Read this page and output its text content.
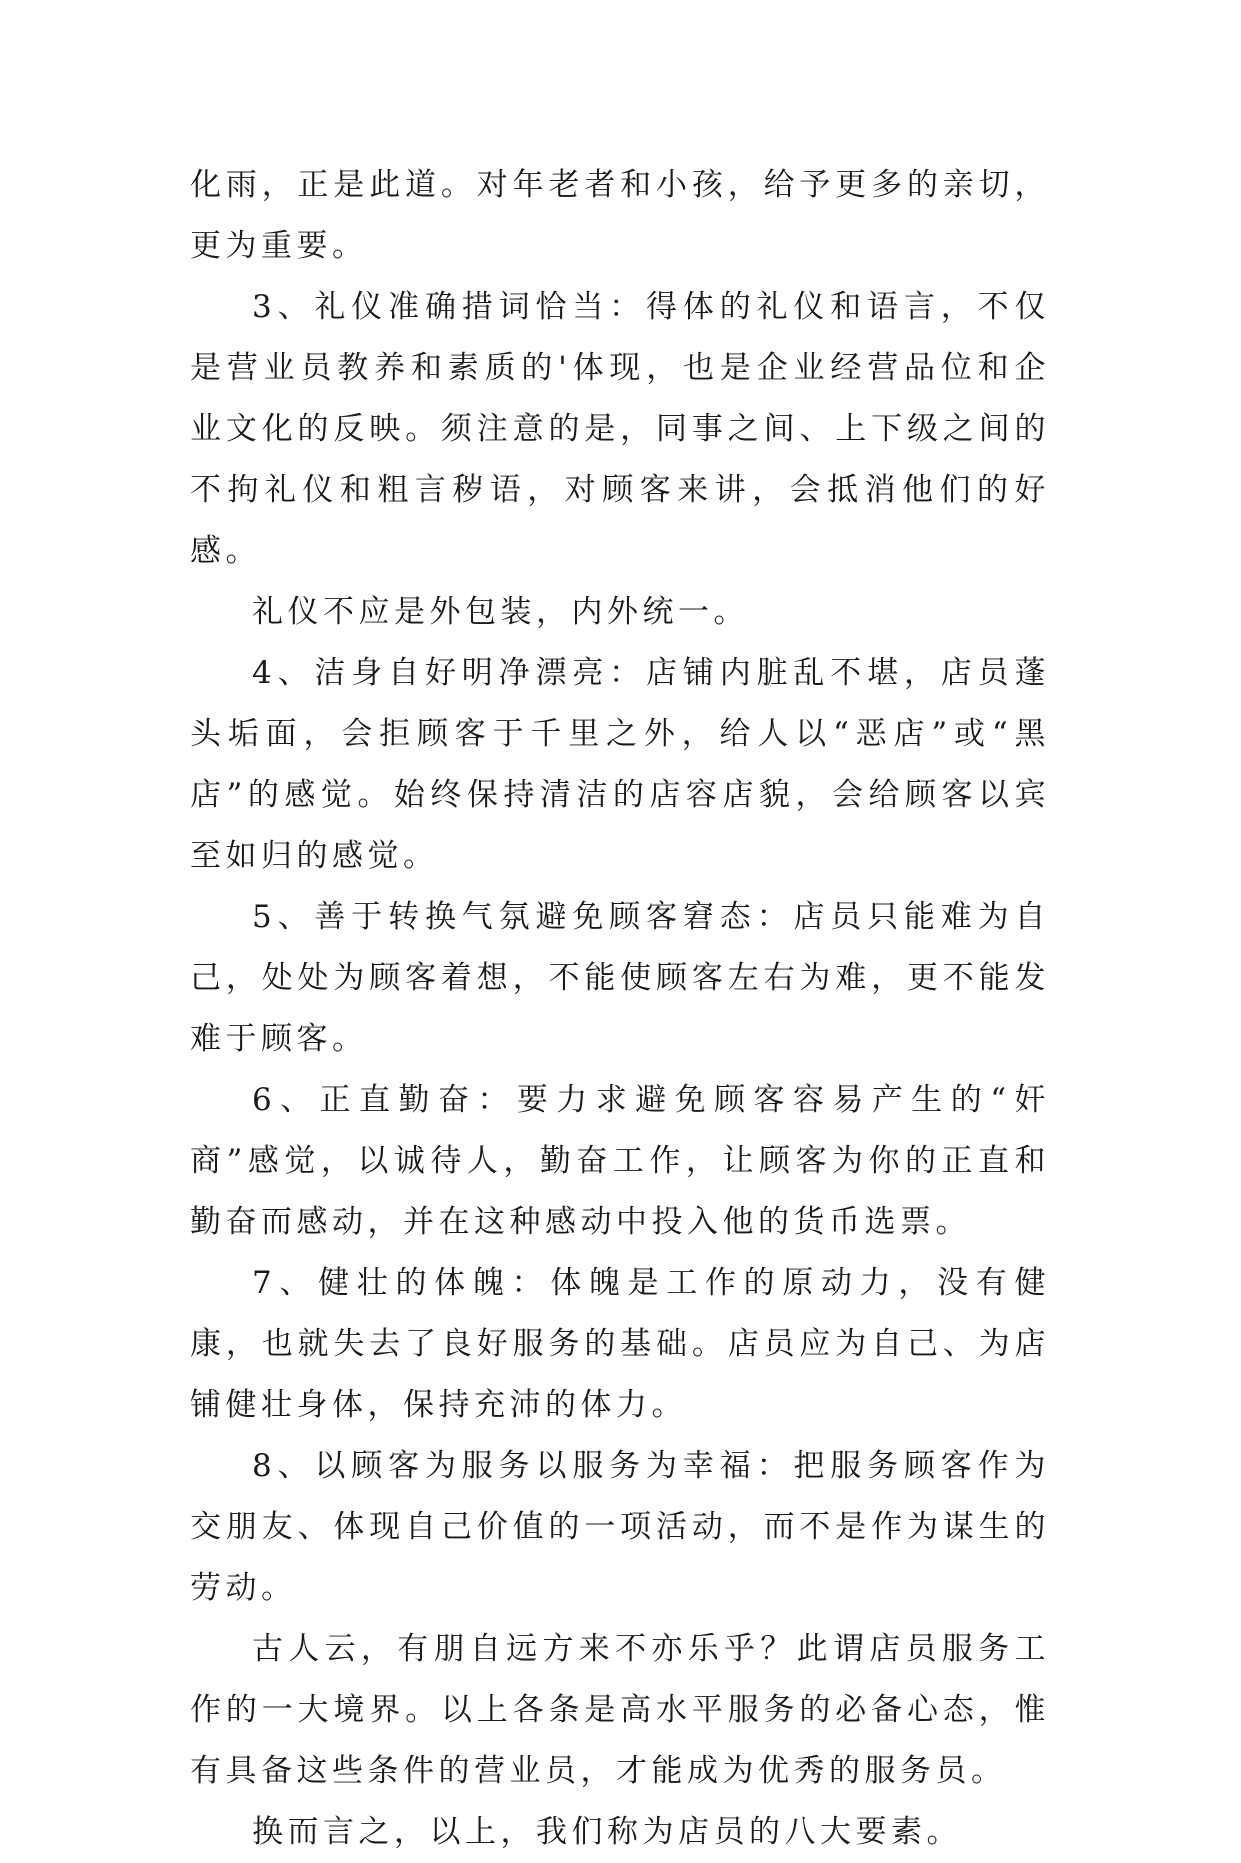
化雨，正是此道。对年老者和小孩，给予更多的亲切，更为重要。

3、礼仪准确措词恰当：得体的礼仪和语言，不仅是营业员教养和素质的'体现，也是企业经营品位和企业文化的反映。须注意的是，同事之间、上下级之间的不拘礼仪和粗言秽语，对顾客来讲，会抵消他们的好感。

礼仪不应是外包装，内外统一。

4、洁身自好明净漂亮：店铺内脏乱不堪，店员蓬头垢面，会拒顾客于千里之外，给人以“恶店”或“黑店”的感觉。始终保持清洁的店容店貌，会给顾客以宾至如归的感觉。

5、善于转换气氛避免顾客窘态：店员只能难为自己，处处为顾客着想，不能使顾客左右为难，更不能发难于顾客。

6、正直勤奋：要力求避免顾客容易产生的“奸商”感觉，以诚待人，勤奋工作，让顾客为你的正直和勤奋而感动，并在这种感动中投入他的货币选票。

7、健壮的体魄：体魄是工作的原动力，没有健康，也就失去了良好服务的基础。店员应为自己、为店铺健壮身体，保持充沛的体力。

8、以顾客为服务以服务为幸福：把服务顾客作为交朋友、体现自己价值的一项活动，而不是作为谋生的劳动。

古人云，有朋自远方来不亦乐乎？此谓店员服务工作的一大境界。以上各条是高水平服务的必备心态，惟有具备这些条件的营业员，才能成为优秀的服务员。

换而言之，以上，我们称为店员的八大要素。
